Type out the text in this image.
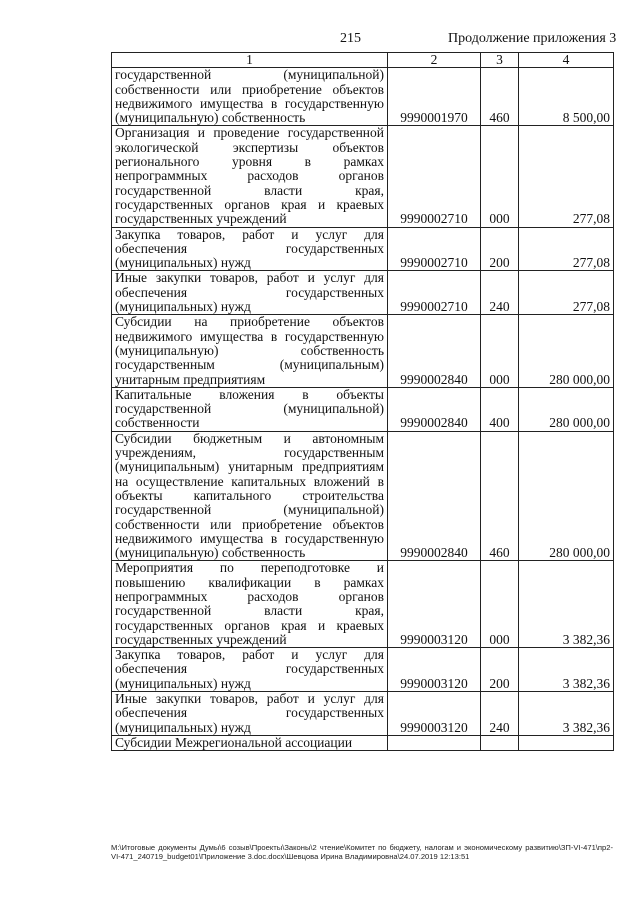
215	Продолжение приложения 3
1	2	3	4
государственной (муниципальной) собственности или приобретение объектов недвижимого имущества в государственную (муниципальную) собственность	9990001970	460	8 500,00
Организация и проведение государственной экологической экспертизы объектов регионального уровня в рамках непрограммных расходов органов государственной власти края, государственных органов края и краевых государственных учреждений	9990002710	000	277,08
Закупка товаров, работ и услуг для обеспечения государственных (муниципальных) нужд	9990002710	200	277,08
Иные закупки товаров, работ и услуг для обеспечения государственных (муниципальных) нужд	9990002710	240	277,08
Субсидии на приобретение объектов недвижимого имущества в государственную (муниципальную) собственность государственным (муниципальным) унитарным предприятиям	9990002840	000	280 000,00
Капитальные вложения в объекты государственной (муниципальной) собственности	9990002840	400	280 000,00
Субсидии бюджетным и автономным учреждениям, государственным (муниципальным) унитарным предприятиям на осуществление капитальных вложений в объекты капитального строительства государственной (муниципальной) собственности или приобретение объектов недвижимого имущества в государственную (муниципальную) собственность	9990002840	460	280 000,00
Мероприятия по переподготовке и повышению квалификации в рамках непрограммных расходов органов государственной власти края, государственных органов края и краевых государственных учреждений	9990003120	000	3 382,36
Закупка товаров, работ и услуг для обеспечения государственных (муниципальных) нужд	9990003120	200	3 382,36
Иные закупки товаров, работ и услуг для обеспечения государственных (муниципальных) нужд	9990003120	240	3 382,36
Субсидии Межрегиональной ассоциации			
M:\Итоговые документы Думы\6 созыв\Проекты\Законы\2 чтение\Комитет по бюджету, налогам и экономическому развитию\ЗП-VI-471\пр2-VI-471_240719_budget01\Приложение 3.doc.docx\Шевцова Ирина Владимировна\24.07.2019 12:13:51
